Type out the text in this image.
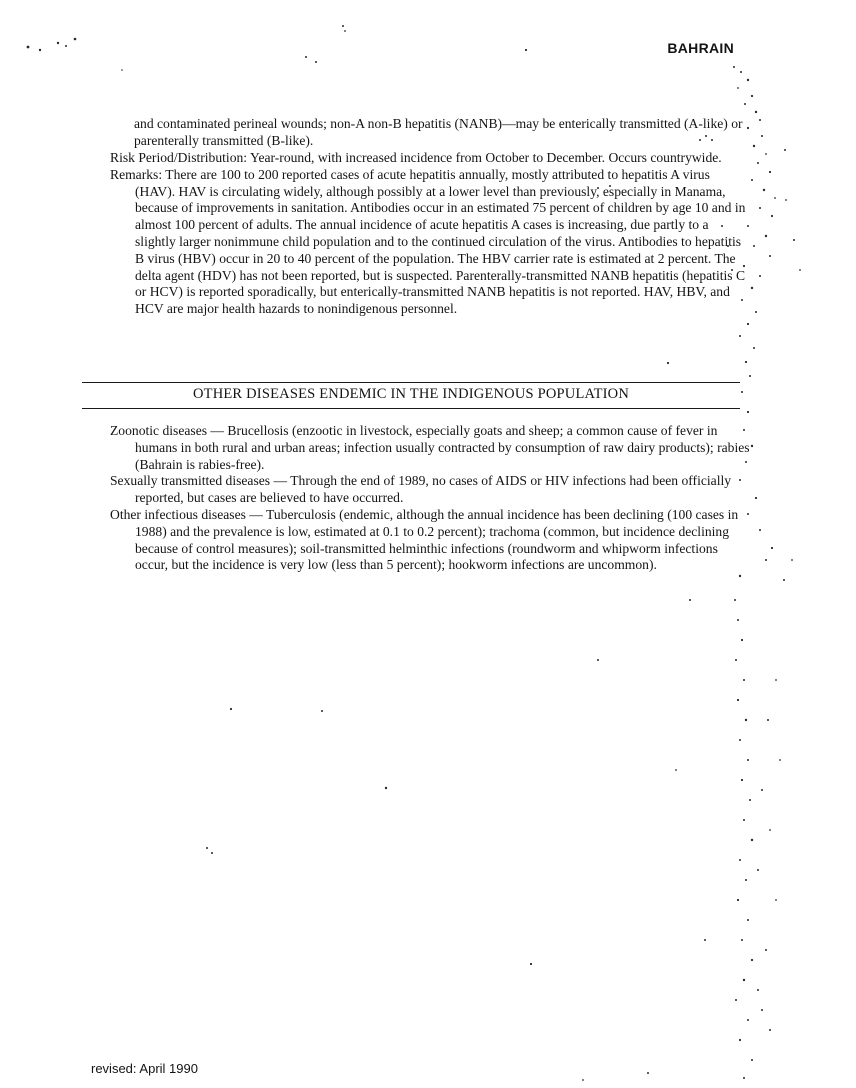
BAHRAIN
and contaminated perineal wounds; non-A non-B hepatitis (NANB)—may be enterically transmitted (A-like) or parenterally transmitted (B-like).

Risk Period/Distribution: Year-round, with increased incidence from October to December. Occurs countrywide.

Remarks: There are 100 to 200 reported cases of acute hepatitis annually, mostly attributed to hepatitis A virus (HAV). HAV is circulating widely, although possibly at a lower level than previously, especially in Manama, because of improvements in sanitation. Antibodies occur in an estimated 75 percent of children by age 10 and in almost 100 percent of adults. The annual incidence of acute hepatitis A cases is increasing, due partly to a slightly larger nonimmune child population and to the continued circulation of the virus. Antibodies to hepatitis B virus (HBV) occur in 20 to 40 percent of the population. The HBV carrier rate is estimated at 2 percent. The delta agent (HDV) has not been reported, but is suspected. Parenterally-transmitted NANB hepatitis (hepatitis C or HCV) is reported sporadically, but enterically-transmitted NANB hepatitis is not reported. HAV, HBV, and HCV are major health hazards to nonindigenous personnel.

OTHER DISEASES ENDEMIC IN THE INDIGENOUS POPULATION

Zoonotic diseases — Brucellosis (enzootic in livestock, especially goats and sheep; a common cause of fever in humans in both rural and urban areas; infection usually contracted by consumption of raw dairy products); rabies (Bahrain is rabies-free).

Sexually transmitted diseases — Through the end of 1989, no cases of AIDS or HIV infections had been officially reported, but cases are believed to have occurred.

Other infectious diseases — Tuberculosis (endemic, although the annual incidence has been declining (100 cases in 1988) and the prevalence is low, estimated at 0.1 to 0.2 percent); trachoma (common, but incidence declining because of control measures); soil-transmitted helminthic infections (roundworm and whipworm infections occur, but the incidence is very low (less than 5 percent); hookworm infections are uncommon).

revised: April 1990
